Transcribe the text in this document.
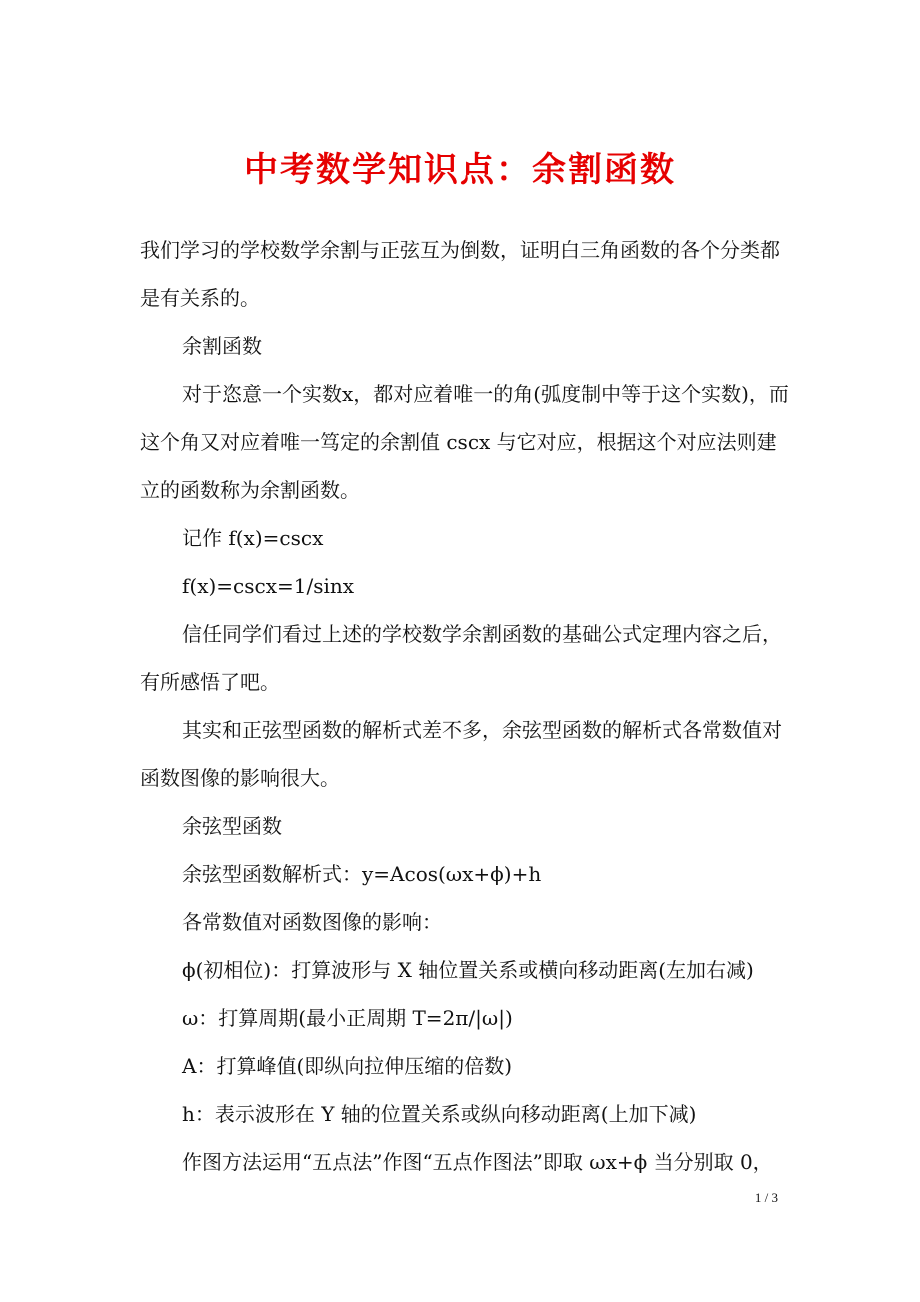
中考数学知识点：余割函数

我们学习的学校数学余割与正弦互为倒数，证明白三角函数的各个分类都是有关系的。

余割函数

对于恣意一个实数x，都对应着唯一的角(弧度制中等于这个实数)，而这个角又对应着唯一笃定的余割值 cscx 与它对应，根据这个对应法则建立的函数称为余割函数。

记作 f(x)=cscx

f(x)=cscx=1/sinx

信任同学们看过上述的学校数学余割函数的基础公式定理内容之后，有所感悟了吧。

其实和正弦型函数的解析式差不多，余弦型函数的解析式各常数值对函数图像的影响很大。

余弦型函数

余弦型函数解析式：y=Acos(ωx+ϕ)+h

各常数值对函数图像的影响：

ϕ(初相位)：打算波形与 X 轴位置关系或横向移动距离(左加右减)

ω：打算周期(最小正周期 T=2π/|ω|)

A：打算峰值(即纵向拉伸压缩的倍数)

h：表示波形在 Y 轴的位置关系或纵向移动距离(上加下减)

作图方法运用“五点法”作图“五点作图法”即取 ωx+ϕ 当分别取 0，

1 / 3
